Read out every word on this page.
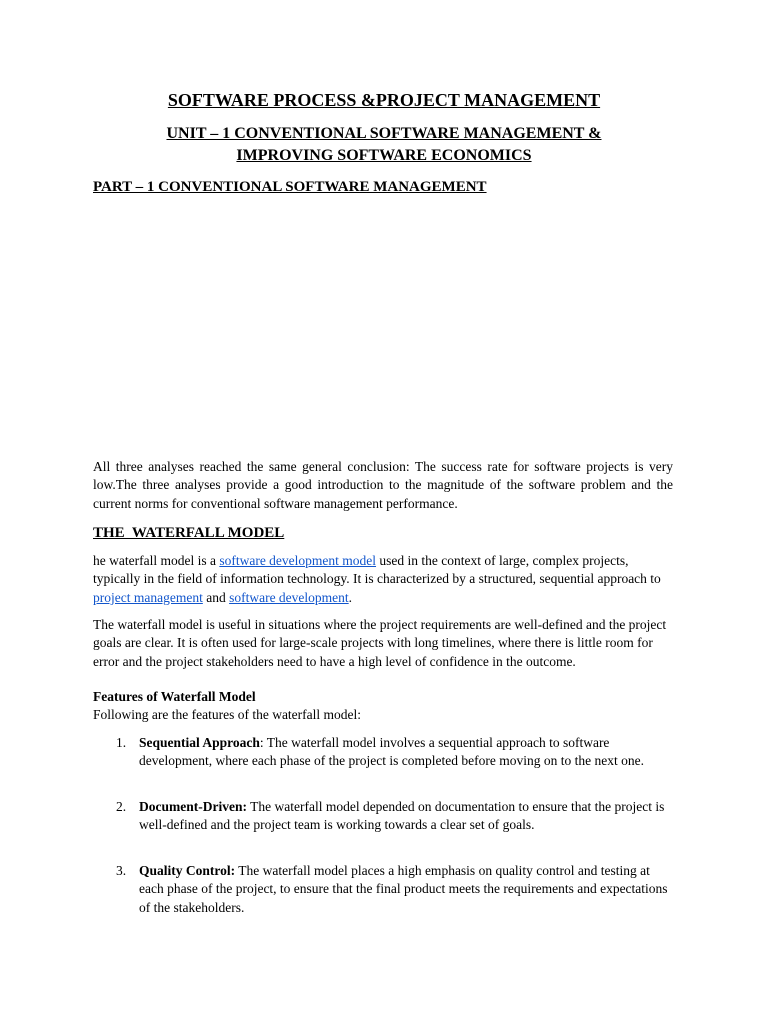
SOFTWARE PROCESS &PROJECT MANAGEMENT
UNIT – 1 CONVENTIONAL SOFTWARE MANAGEMENT &
IMPROVING SOFTWARE ECONOMICS
PART – 1 CONVENTIONAL SOFTWARE MANAGEMENT
All three analyses reached the same general conclusion: The success rate for software projects is very low.The three analyses provide a good introduction to the magnitude of the software problem and the current norms for conventional software management performance.
THE  WATERFALL MODEL
he waterfall model is a software development model used in the context of large, complex projects, typically in the field of information technology. It is characterized by a structured, sequential approach to project management and software development.
The waterfall model is useful in situations where the project requirements are well-defined and the project goals are clear. It is often used for large-scale projects with long timelines, where there is little room for error and the project stakeholders need to have a high level of confidence in the outcome.
Features of Waterfall Model
Following are the features of the waterfall model:
1. Sequential Approach: The waterfall model involves a sequential approach to software development, where each phase of the project is completed before moving on to the next one.
2. Document-Driven: The waterfall model depended on documentation to ensure that the project is well-defined and the project team is working towards a clear set of goals.
3. Quality Control: The waterfall model places a high emphasis on quality control and testing at each phase of the project, to ensure that the final product meets the requirements and expectations of the stakeholders.
